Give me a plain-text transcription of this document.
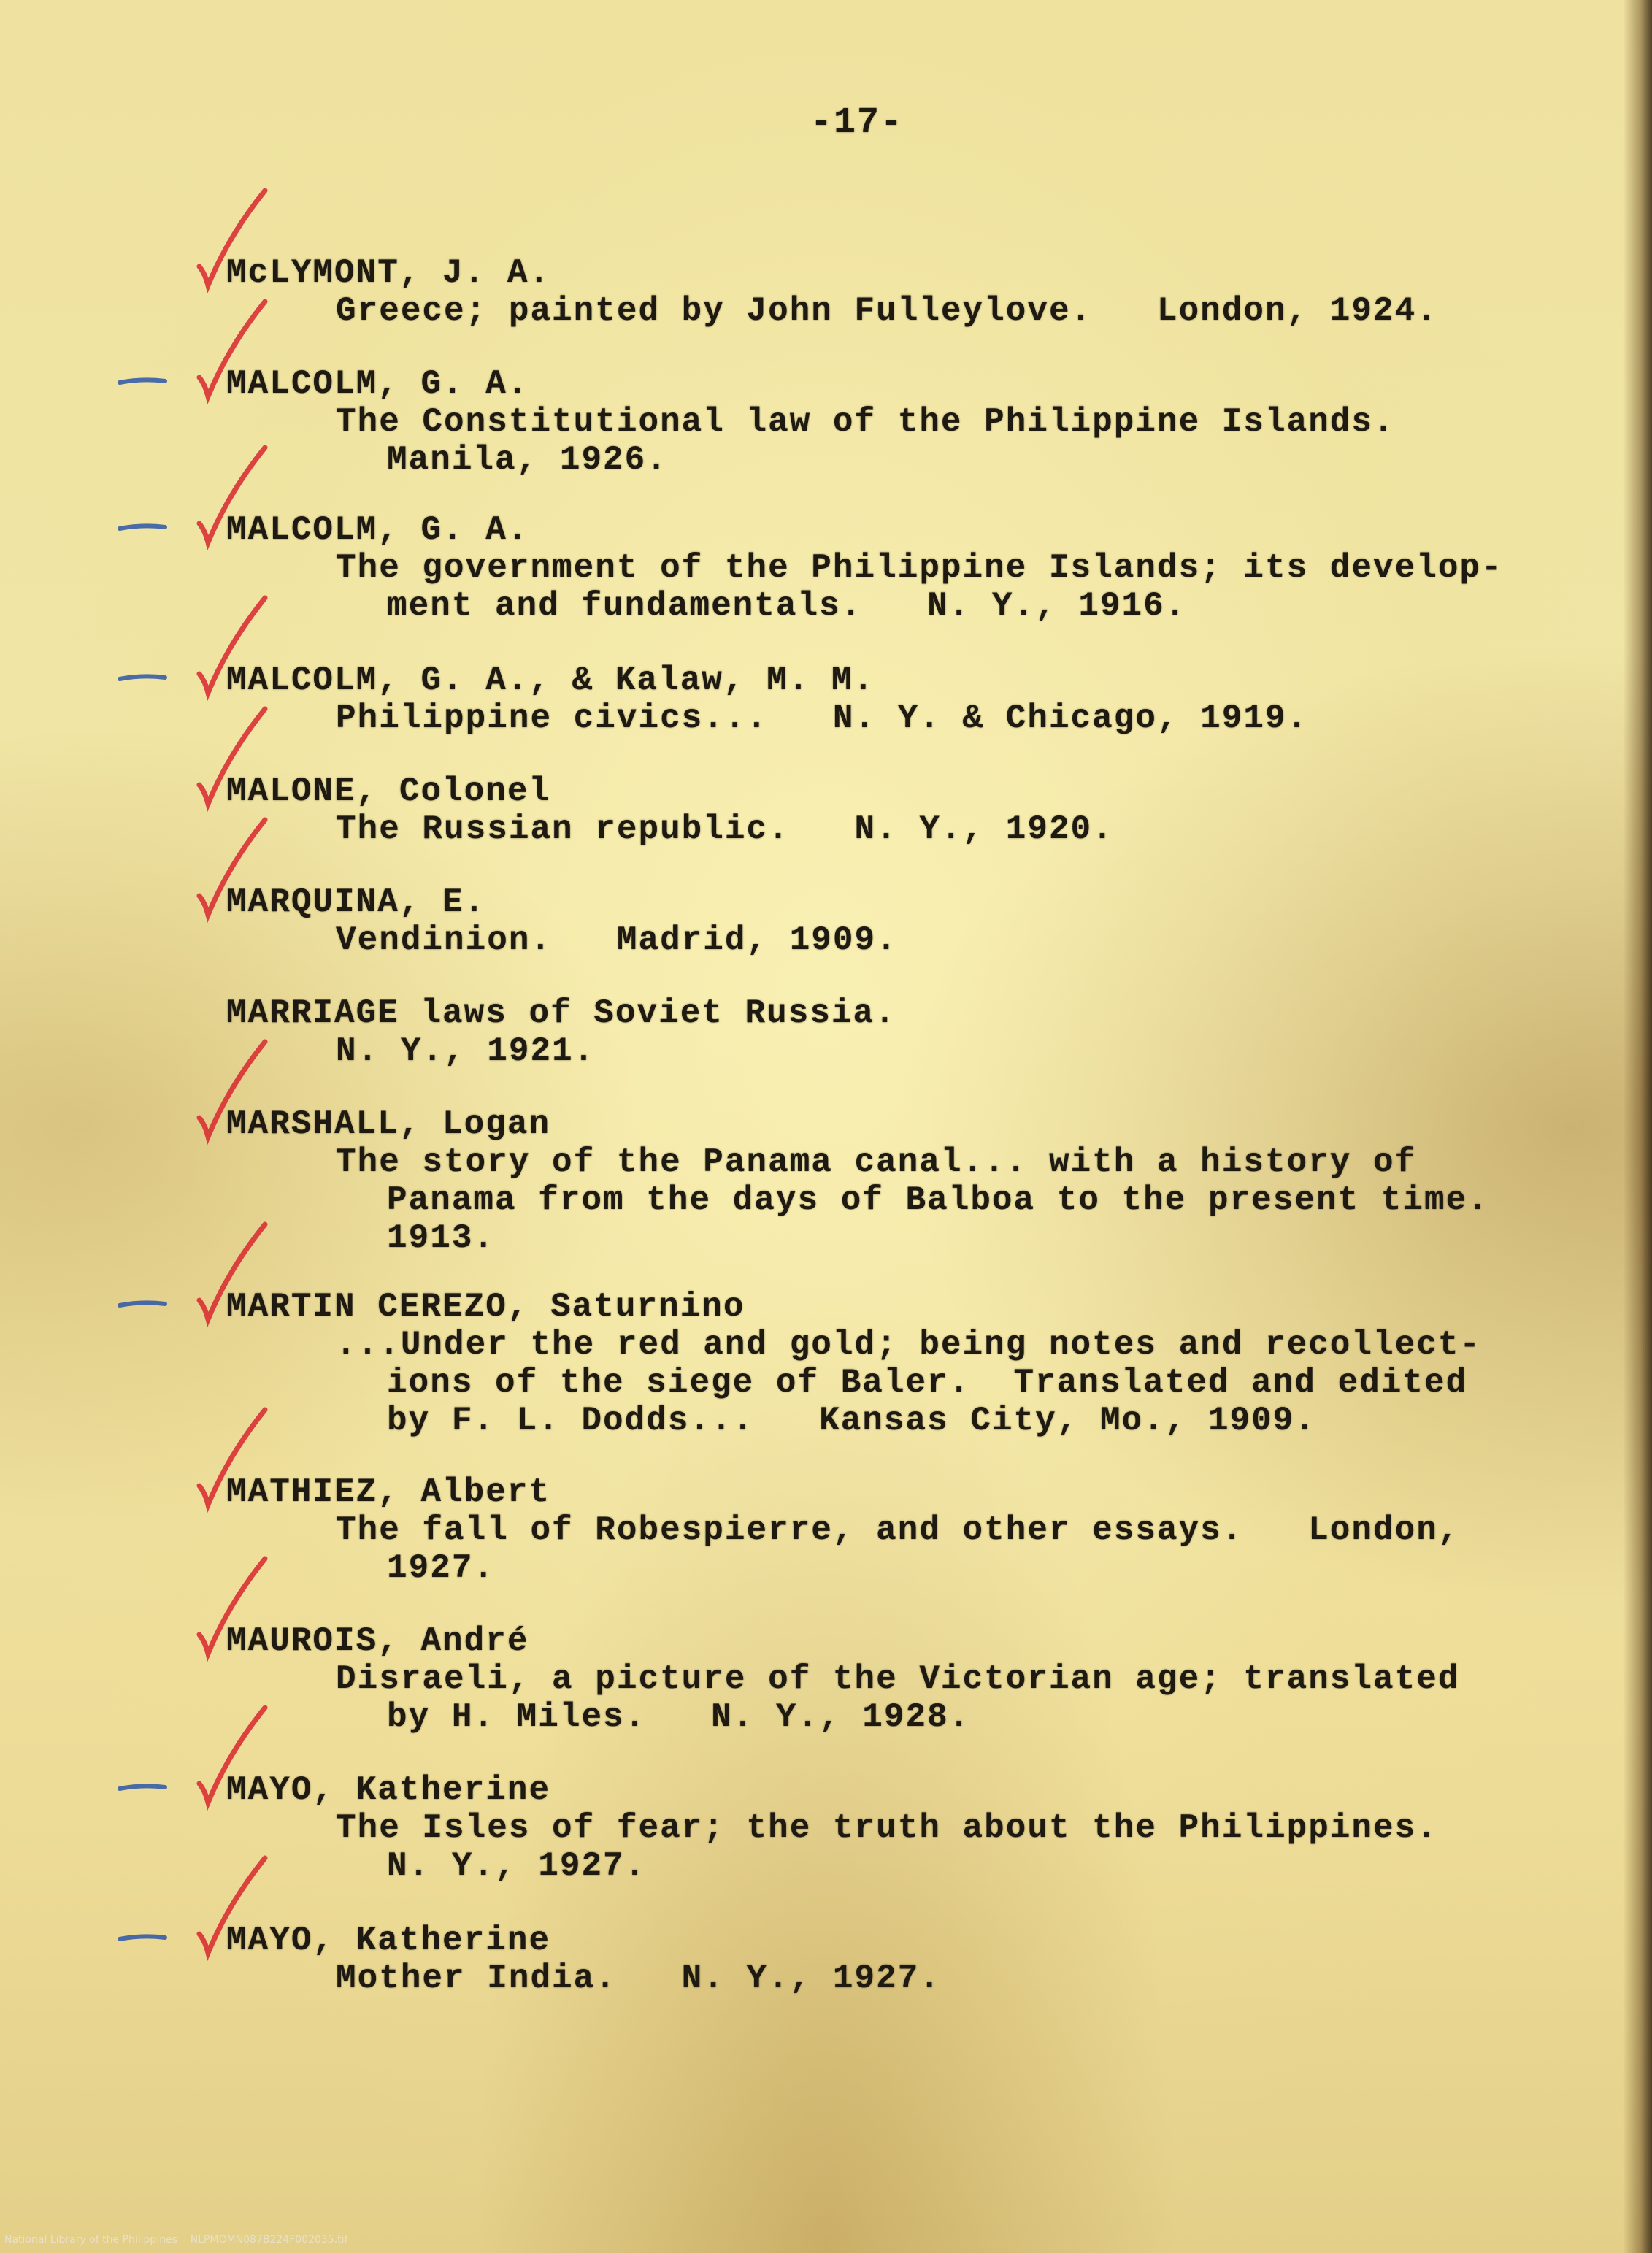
-17-
McLYMONT, J. A.
Greece; painted by John Fulleylove.   London, 1924.
MALCOLM, G. A.
The Constitutional law of the Philippine Islands.
Manila, 1926.
MALCOLM, G. A.
The government of the Philippine Islands; its develop-
ment and fundamentals.   N. Y., 1916.
MALCOLM, G. A., & Kalaw, M. M.
Philippine civics...   N. Y. & Chicago, 1919.
MALONE, Colonel
The Russian republic.   N. Y., 1920.
MARQUINA, E.
Vendinion.   Madrid, 1909.
MARRIAGE laws of Soviet Russia.
N. Y., 1921.
MARSHALL, Logan
The story of the Panama canal... with a history of
Panama from the days of Balboa to the present time.
1913.
MARTIN CEREZO, Saturnino
...Under the red and gold; being notes and recollect-
ions of the siege of Baler.  Translated and edited
by F. L. Dodds...   Kansas City, Mo., 1909.
MATHIEZ, Albert
The fall of Robespierre, and other essays.   London,
1927.
MAUROIS, André
Disraeli, a picture of the Victorian age; translated
by H. Miles.   N. Y., 1928.
MAYO, Katherine
The Isles of fear; the truth about the Philippines.
N. Y., 1927.
MAYO, Katherine
Mother India.   N. Y., 1927.
National Library of the Philippines    NLPMOMN087B224F002035.tif
